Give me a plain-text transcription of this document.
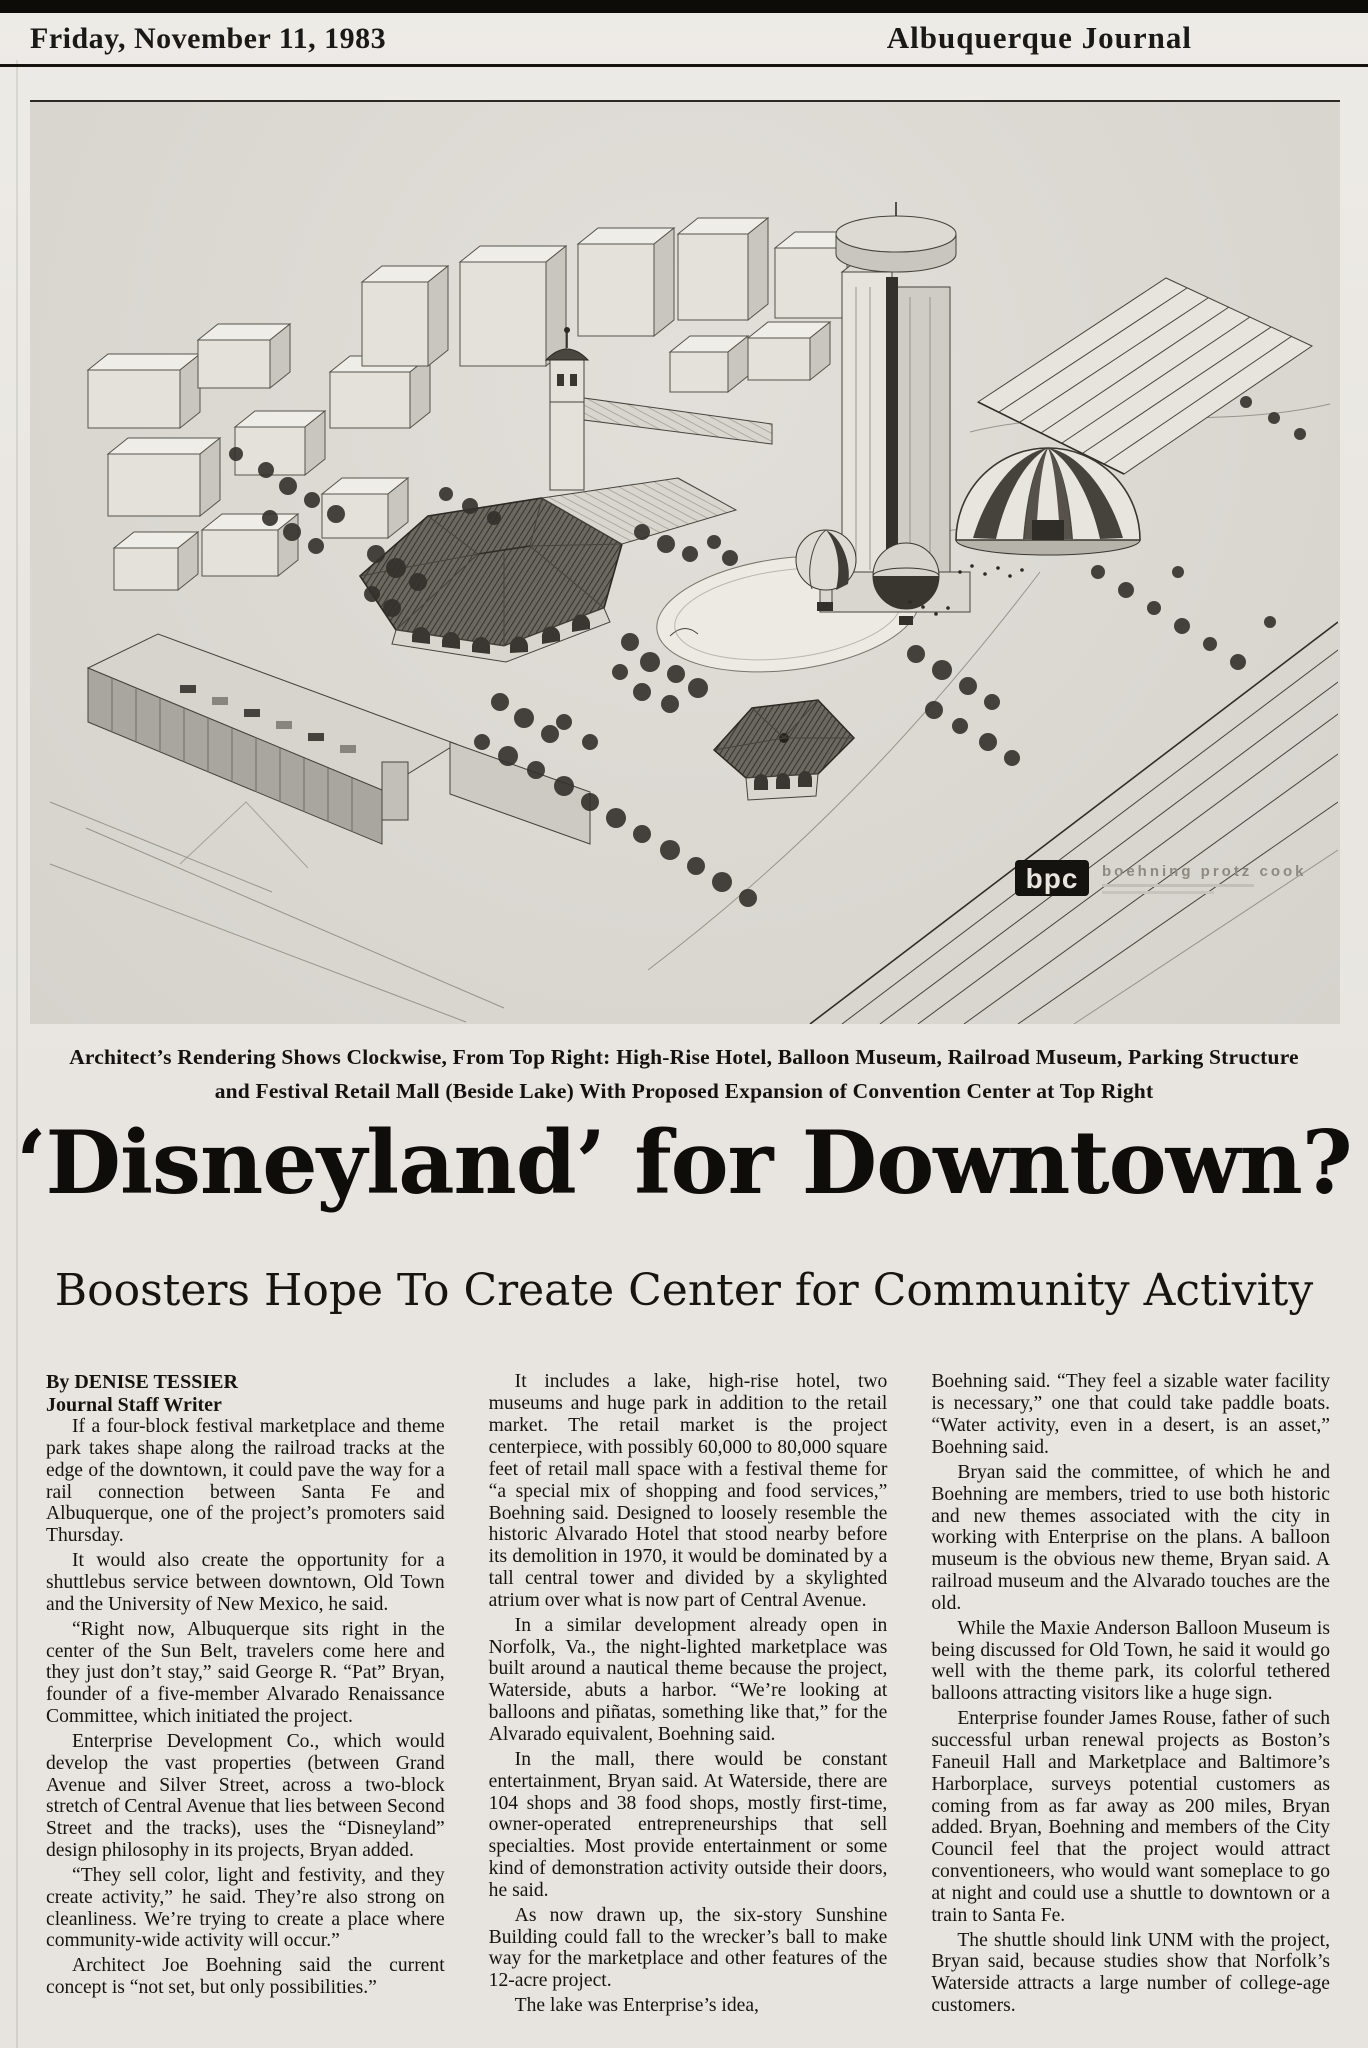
Friday, November 11, 1983	Albuquerque Journal
bpc boehning protz cook
Architect’s Rendering Shows Clockwise, From Top Right: High-Rise Hotel, Balloon Museum, Railroad Museum, Parking Structure and Festival Retail Mall (Beside Lake) With Proposed Expansion of Convention Center at Top Right
‘Disneyland’ for Downtown?
Boosters Hope To Create Center for Community Activity

By DENISE TESSIER

Journal Staff Writer

If a four-block festival marketplace and theme park takes shape along the railroad tracks at the edge of the downtown, it could pave the way for a rail connection between Santa Fe and Albuquerque, one of the project’s promoters said Thursday.

It would also create the opportunity for a shuttlebus service between downtown, Old Town and the University of New Mexico, he said.

“Right now, Albuquerque sits right in the center of the Sun Belt, travelers come here and they just don’t stay,” said George R. “Pat” Bryan, founder of a five-member Alvarado Renaissance Committee, which initiated the project.

Enterprise Development Co., which would develop the vast properties (between Grand Avenue and Silver Street, across a two-block stretch of Central Avenue that lies between Second Street and the tracks), uses the “Disneyland” design philosophy in its projects, Bryan added.

“They sell color, light and festivity, and they create activity,” he said. They’re also strong on cleanliness. We’re trying to create a place where community-wide activity will occur.”

Architect Joe Boehning said the current concept is “not set, but only possibilities.”

It includes a lake, high-rise hotel, two museums and huge park in addition to the retail market. The retail market is the project centerpiece, with possibly 60,000 to 80,000 square feet of retail mall space with a festival theme for “a special mix of shopping and food services,” Boehning said. Designed to loosely resemble the historic Alvarado Hotel that stood nearby before its demolition in 1970, it would be dominated by a tall central tower and divided by a skylighted atrium over what is now part of Central Avenue.

In a similar development already open in Norfolk, Va., the night-lighted marketplace was built around a nautical theme because the project, Waterside, abuts a harbor. “We’re looking at balloons and piñatas, something like that,” for the Alvarado equivalent, Boehning said.

In the mall, there would be constant entertainment, Bryan said. At Waterside, there are 104 shops and 38 food shops, mostly first-time, owner-operated entrepreneurships that sell specialties. Most provide entertainment or some kind of demonstration activity outside their doors, he said.

As now drawn up, the six-story Sunshine Building could fall to the wrecker’s ball to make way for the marketplace and other features of the 12-acre project.

The lake was Enterprise’s idea,

Boehning said. “They feel a sizable water facility is necessary,” one that could take paddle boats. “Water activity, even in a desert, is an asset,” Boehning said.

Bryan said the committee, of which he and Boehning are members, tried to use both historic and new themes associated with the city in working with Enterprise on the plans. A balloon museum is the obvious new theme, Bryan said. A railroad museum and the Alvarado touches are the old.

While the Maxie Anderson Balloon Museum is being discussed for Old Town, he said it would go well with the theme park, its colorful tethered balloons attracting visitors like a huge sign.

Enterprise founder James Rouse, father of such successful urban renewal projects as Boston’s Faneuil Hall and Marketplace and Baltimore’s Harborplace, surveys potential customers as coming from as far away as 200 miles, Bryan added. Bryan, Boehning and members of the City Council feel that the project would attract conventioneers, who would want someplace to go at night and could use a shuttle to downtown or a train to Santa Fe.

The shuttle should link UNM with the project, Bryan said, because studies show that Norfolk’s Waterside attracts a large number of college-age customers.
